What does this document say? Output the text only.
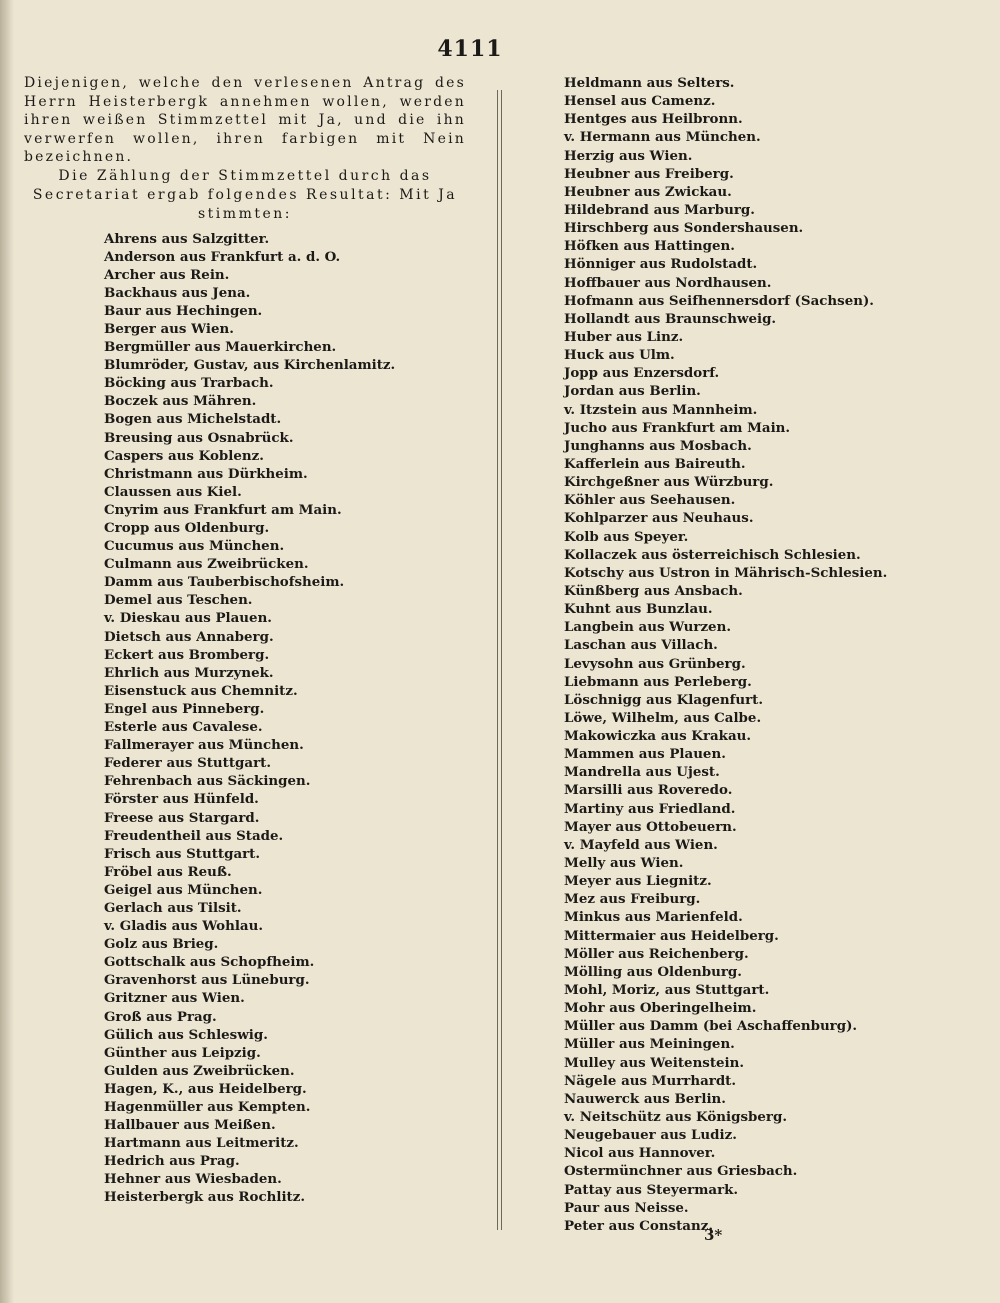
4111

Diejenigen, welche den verlesenen Antrag des Herrn Heisterbergk annehmen wollen, werden ihren weißen Stimmzettel mit Ja, und die ihn verwerfen wollen, ihren farbigen mit Nein bezeichnen.

Die Zählung der Stimmzettel durch das Secretariat ergab folgendes Resultat: Mit Ja stimmten:

Ahrens aus Salzgitter.
Anderson aus Frankfurt a. d. O.
Archer aus Rein.
Backhaus aus Jena.
Baur aus Hechingen.
Berger aus Wien.
Bergmüller aus Mauerkirchen.
Blumröder, Gustav, aus Kirchenlamitz.
Böcking aus Trarbach.
Boczek aus Mähren.
Bogen aus Michelstadt.
Breusing aus Osnabrück.
Caspers aus Koblenz.
Christmann aus Dürkheim.
Claussen aus Kiel.
Cnyrim aus Frankfurt am Main.
Cropp aus Oldenburg.
Cucumus aus München.
Culmann aus Zweibrücken.
Damm aus Tauberbischofsheim.
Demel aus Teschen.
v. Dieskau aus Plauen.
Dietsch aus Annaberg.
Eckert aus Bromberg.
Ehrlich aus Murzynek.
Eisenstuck aus Chemnitz.
Engel aus Pinneberg.
Esterle aus Cavalese.
Fallmerayer aus München.
Federer aus Stuttgart.
Fehrenbach aus Säckingen.
Förster aus Hünfeld.
Freese aus Stargard.
Freudentheil aus Stade.
Frisch aus Stuttgart.
Fröbel aus Reuß.
Geigel aus München.
Gerlach aus Tilsit.
v. Gladis aus Wohlau.
Golz aus Brieg.
Gottschalk aus Schopfheim.
Gravenhorst aus Lüneburg.
Gritzner aus Wien.
Groß aus Prag.
Gülich aus Schleswig.
Günther aus Leipzig.
Gulden aus Zweibrücken.
Hagen, K., aus Heidelberg.
Hagenmüller aus Kempten.
Hallbauer aus Meißen.
Hartmann aus Leitmeritz.
Hedrich aus Prag.
Hehner aus Wiesbaden.
Heisterbergk aus Rochlitz.
Heldmann aus Selters.
Hensel aus Camenz.
Hentges aus Heilbronn.
v. Hermann aus München.
Herzig aus Wien.
Heubner aus Freiberg.
Heubner aus Zwickau.
Hildebrand aus Marburg.
Hirschberg aus Sondershausen.
Höfken aus Hattingen.
Hönniger aus Rudolstadt.
Hoffbauer aus Nordhausen.
Hofmann aus Seifhennersdorf (Sachsen).
Hollandt aus Braunschweig.
Huber aus Linz.
Huck aus Ulm.
Jopp aus Enzersdorf.
Jordan aus Berlin.
v. Itzstein aus Mannheim.
Jucho aus Frankfurt am Main.
Junghanns aus Mosbach.
Kafferlein aus Baireuth.
Kirchgeßner aus Würzburg.
Köhler aus Seehausen.
Kohlparzer aus Neuhaus.
Kolb aus Speyer.
Kollaczek aus österreichisch Schlesien.
Kotschy aus Ustron in Mährisch-Schlesien.
Künßberg aus Ansbach.
Kuhnt aus Bunzlau.
Langbein aus Wurzen.
Laschan aus Villach.
Levysohn aus Grünberg.
Liebmann aus Perleberg.
Löschnigg aus Klagenfurt.
Löwe, Wilhelm, aus Calbe.
Makowiczka aus Krakau.
Mammen aus Plauen.
Mandrella aus Ujest.
Marsilli aus Roveredo.
Martiny aus Friedland.
Mayer aus Ottobeuern.
v. Mayfeld aus Wien.
Melly aus Wien.
Meyer aus Liegnitz.
Mez aus Freiburg.
Minkus aus Marienfeld.
Mittermaier aus Heidelberg.
Möller aus Reichenberg.
Mölling aus Oldenburg.
Mohl, Moriz, aus Stuttgart.
Mohr aus Oberingelheim.
Müller aus Damm (bei Aschaffenburg).
Müller aus Meiningen.
Mulley aus Weitenstein.
Nägele aus Murrhardt.
Nauwerck aus Berlin.
v. Neitschütz aus Königsberg.
Neugebauer aus Ludiz.
Nicol aus Hannover.
Ostermünchner aus Griesbach.
Pattay aus Steyermark.
Paur aus Neisse.
Peter aus Constanz.
3*
